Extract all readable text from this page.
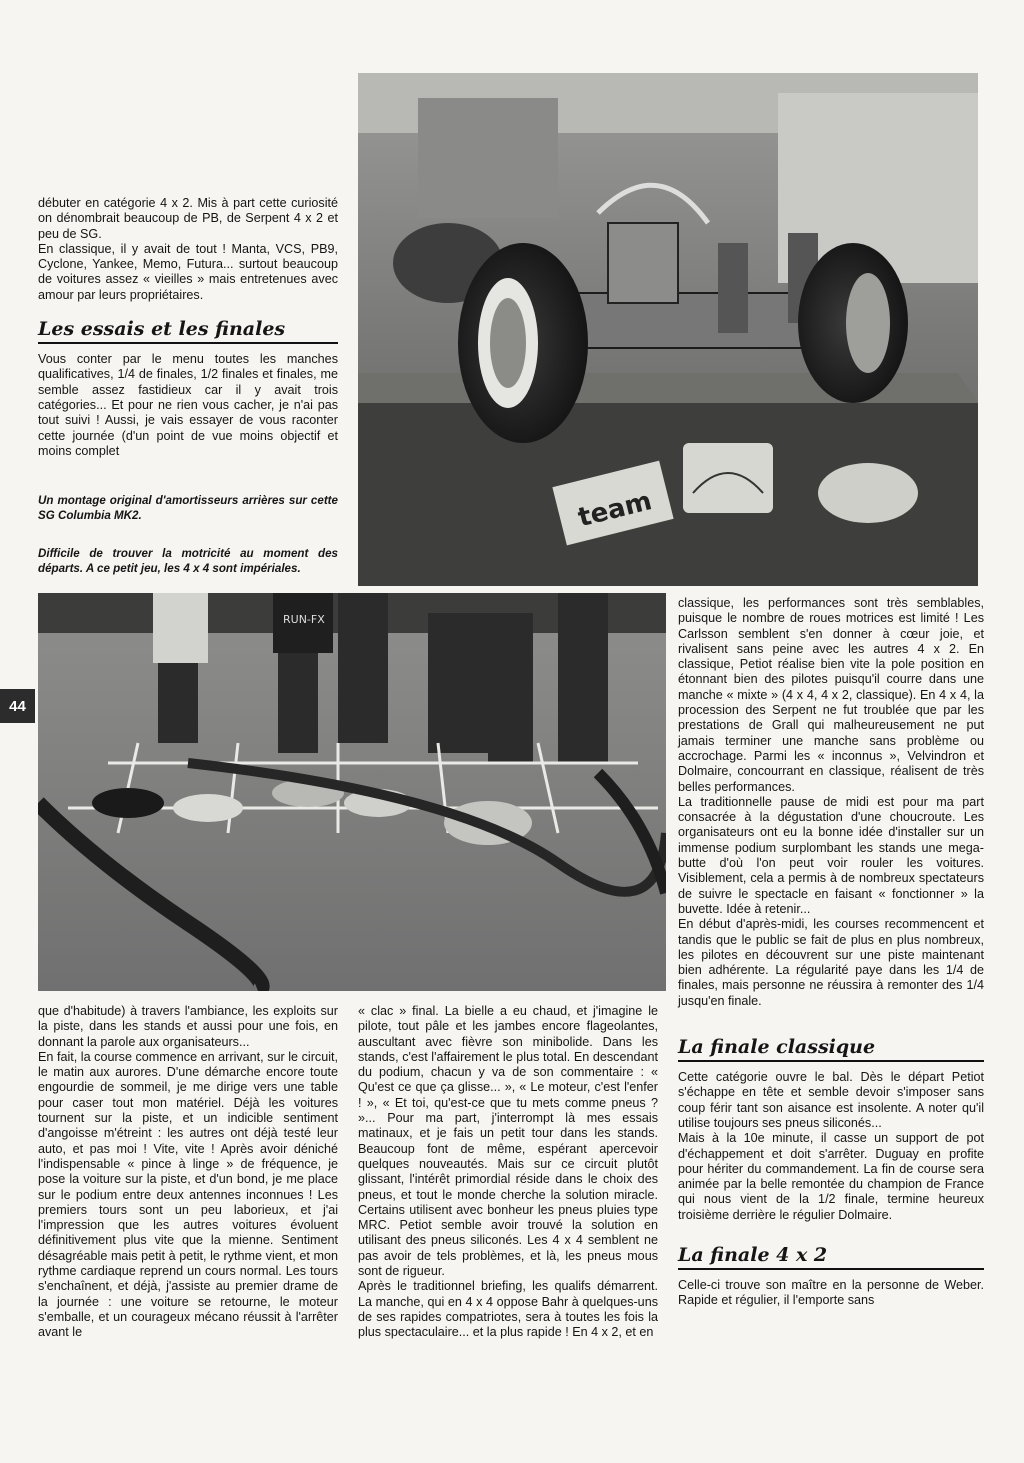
team

débuter en catégorie 4 x 2. Mis à part cette curiosité on dénombrait beaucoup de PB, de Serpent 4 x 2 et peu de SG.

En classique, il y avait de tout ! Manta, VCS, PB9, Cyclone, Yankee, Memo, Futura... surtout beaucoup de voitures assez « vieilles » mais entretenues avec amour par leurs propriétaires.

Les essais et les finales

Vous conter par le menu toutes les manches qualificatives, 1/4 de finales, 1/2 finales et finales, me semble assez fastidieux car il y avait trois catégories... Et pour ne rien vous cacher, je n'ai pas tout suivi ! Aussi, je vais essayer de vous raconter cette journée (d'un point de vue moins objectif et moins complet

Un montage original d'amortisseurs arrières sur cette SG Columbia MK2.
Difficile de trouver la motricité au moment des départs. A ce petit jeu, les 4 x 4 sont impériales.
44
RUN-FX

que d'habitude) à travers l'ambiance, les exploits sur la piste, dans les stands et aussi pour une fois, en donnant la parole aux organisateurs...

En fait, la course commence en arrivant, sur le circuit, le matin aux aurores. D'une démarche encore toute engourdie de sommeil, je me dirige vers une table pour caser tout mon matériel. Déjà les voitures tournent sur la piste, et un indicible sentiment d'angoisse m'étreint : les autres ont déjà testé leur auto, et pas moi ! Vite, vite ! Après avoir déniché l'indispensable « pince à linge » de fréquence, je pose la voiture sur la piste, et d'un bond, je me place sur le podium entre deux antennes inconnues ! Les premiers tours sont un peu laborieux, et j'ai l'impression que les autres voitures évoluent définitivement plus vite que la mienne. Sentiment désagréable mais petit à petit, le rythme vient, et mon rythme cardiaque reprend un cours normal. Les tours s'enchaînent, et déjà, j'assiste au premier drame de la journée : une voiture se retourne, le moteur s'emballe, et un courageux mécano réussit à l'arrêter avant le

« clac » final. La bielle a eu chaud, et j'imagine le pilote, tout pâle et les jambes encore flageolantes, auscultant avec fièvre son minibolide. Dans les stands, c'est l'affairement le plus total. En descendant du podium, chacun y va de son commentaire : « Qu'est ce que ça glisse... », « Le moteur, c'est l'enfer ! », « Et toi, qu'est-ce que tu mets comme pneus ? »... Pour ma part, j'interrompt là mes essais matinaux, et je fais un petit tour dans les stands. Beaucoup font de même, espérant apercevoir quelques nouveautés. Mais sur ce circuit plutôt glissant, l'intérêt primordial réside dans le choix des pneus, et tout le monde cherche la solution miracle. Certains utilisent avec bonheur les pneus pluies type MRC. Petiot semble avoir trouvé la solution en utilisant des pneus siliconés. Les 4 x 4 semblent ne pas avoir de tels problèmes, et là, les pneus mous sont de rigueur.

Après le traditionnel briefing, les qualifs démarrent. La manche, qui en 4 x 4 oppose Bahr à quelques-uns de ses rapides compatriotes, sera à toutes les fois la plus spectaculaire... et la plus rapide ! En 4 x 2, et en

classique, les performances sont très semblables, puisque le nombre de roues motrices est limité ! Les Carlsson semblent s'en donner à cœur joie, et rivalisent sans peine avec les autres 4 x 2. En classique, Petiot réalise bien vite la pole position en étonnant bien des pilotes puisqu'il courre dans une manche « mixte » (4 x 4, 4 x 2, classique). En 4 x 4, la procession des Serpent ne fut troublée que par les prestations de Grall qui malheureusement ne put jamais terminer une manche sans problème ou accrochage. Parmi les « inconnus », Velvindron et Dolmaire, concourrant en classique, réalisent de très belles performances.

La traditionnelle pause de midi est pour ma part consacrée à la dégustation d'une choucroute. Les organisateurs ont eu la bonne idée d'installer sur un immense podium surplombant les stands une mega-butte d'où l'on peut voir rouler les voitures. Visiblement, cela a permis à de nombreux spectateurs de suivre le spectacle en faisant « fonctionner » la buvette. Idée à retenir...

En début d'après-midi, les courses recommencent et tandis que le public se fait de plus en plus nombreux, les pilotes en découvrent sur une piste maintenant bien adhérente. La régularité paye dans les 1/4 de finales, mais personne ne réussira à remonter des 1/4 jusqu'en finale.

La finale classique

Cette catégorie ouvre le bal. Dès le départ Petiot s'échappe en tête et semble devoir s'imposer sans coup férir tant son aisance est insolente. A noter qu'il utilise toujours ses pneus siliconés...

Mais à la 10e minute, il casse un support de pot d'échappement et doit s'arrêter. Duguay en profite pour hériter du commandement. La fin de course sera animée par la belle remontée du champion de France qui nous vient de la 1/2 finale, termine heureux troisième derrière le régulier Dolmaire.

La finale 4 x 2

Celle-ci trouve son maître en la personne de Weber. Rapide et régulier, il l'emporte sans
